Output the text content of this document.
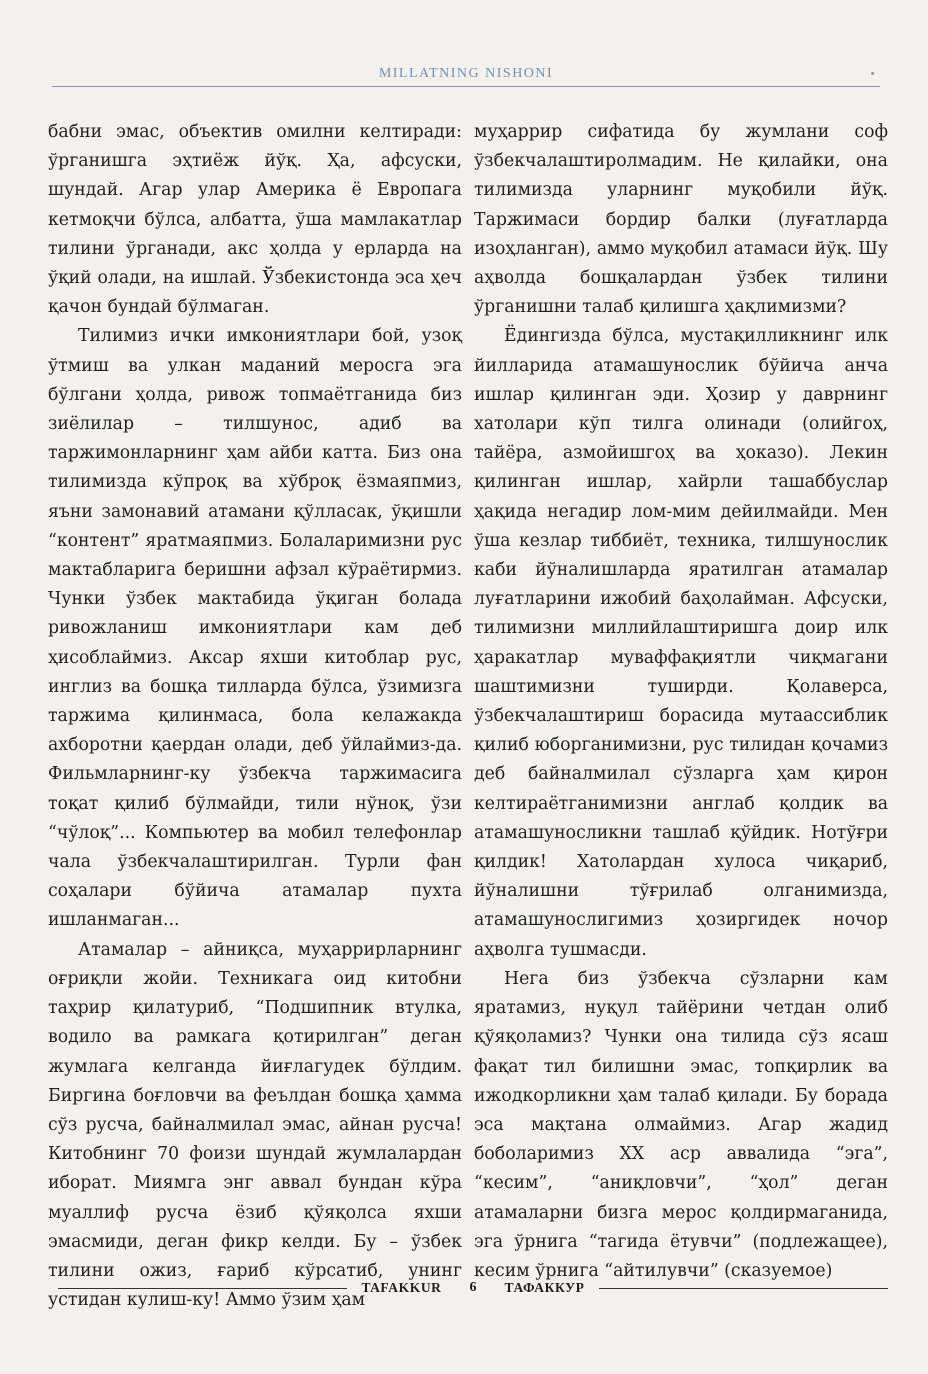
MILLATNING NISHONI

бабни эмас, объектив омилни келтиради: ўрганишга эҳтиёж йўқ. Ҳа, афсуски, шундай. Агар улар Америка ё Европага кетмоқчи бўлса, албатта, ўша мамлакатлар тилини ўрганади, акс ҳолда у ерларда на ўқий олади, на ишлай. Ўзбекистонда эса ҳеч қачон бундай бўлмаган.

Тилимиз ички имкониятлари бой, узоқ ўтмиш ва улкан маданий меросга эга бўлгани ҳолда, ривож топмаётганида биз зиёлилар – тилшунос, адиб ва таржимонларнинг ҳам айби катта. Биз она тилимизда кўпроқ ва хўброқ ёзмаяпмиз, яъни замонавий атамани қўлласак, ўқишли “контент” яратмаяпмиз. Болаларимизни рус мактабларига беришни афзал кўраётирмиз. Чунки ўзбек мактабида ўқиган болада ривожланиш имкониятлари кам деб ҳисоблаймиз. Аксар яхши китоблар рус, инглиз ва бошқа тилларда бўлса, ўзимизга таржима қилинмаса, бола келажакда ахборотни қаердан олади, деб ўйлаймиз-да. Фильмларнинг-ку ўзбекча таржимасига тоқат қилиб бўлмайди, тили нўноқ, ўзи “чўлоқ”... Компьютер ва мобил телефонлар чала ўзбекчалаштирилган. Турли фан соҳалари бўйича атамалар пухта ишланмаган...

Атамалар – айниқса, муҳаррирларнинг оғриқли жойи. Техникага оид китобни таҳрир қилатуриб, “Подшипник втулка, водило ва рамкага қотирилган” деган жумлага келганда йиғлагудек бўлдим. Биргина боғловчи ва феълдан бошқа ҳамма сўз русча, байналмилал эмас, айнан русча! Китобнинг 70 фоизи шундай жумлалардан иборат. Миямга энг аввал бундан кўра муаллиф русча ёзиб қўяқолса яхши эмасмиди, деган фикр келди. Бу – ўзбек тилини ожиз, ғариб кўрсатиб, унинг устидан кулиш-ку! Аммо ўзим ҳам

муҳаррир сифатида бу жумлани соф ўзбекчалаштиролмадим. Не қилайки, она тилимизда уларнинг муқобили йўқ. Таржимаси бордир балки (луғатларда изоҳланган), аммо муқобил атамаси йўқ. Шу аҳволда бошқалардан ўзбек тилини ўрганишни талаб қилишга ҳақлимизми?

Ёдингизда бўлса, мустақилликнинг илк йилларида атамашунослик бўйича анча ишлар қилинган эди. Ҳозир у даврнинг хатолари кўп тилга олинади (олийгоҳ, тайёра, азмойишгоҳ ва ҳоказо). Лекин қилинган ишлар, хайрли ташаббуслар ҳақида негадир лом-мим дейилмайди. Мен ўша кезлар тиббиёт, техника, тилшунослик каби йўналишларда яратилган атамалар луғатларини ижобий баҳолайман. Афсуски, тилимизни миллийлаштиришга доир илк ҳаракатлар муваффақиятли чиқмагани шаштимизни туширди. Қолаверса, ўзбекчалаштириш борасида мутаассиблик қилиб юборганимизни, рус тилидан қочамиз деб байналмилал сўзларга ҳам қирон келтираётганимизни англаб қолдик ва атамашуносликни ташлаб қўйдик. Нотўғри қилдик! Хатолардан хулоса чиқариб, йўналишни тўғрилаб олганимизда, атамашунослигимиз ҳозиргидек ночор аҳволга тушмасди.

Нега биз ўзбекча сўзларни кам яратамиз, нуқул тайёрини четдан олиб қўяқоламиз? Чунки она тилида сўз ясаш фақат тил билишни эмас, топқирлик ва ижодкорликни ҳам талаб қилади. Бу борада эса мақтана олмаймиз. Агар жадид боболаримиз XX аср аввалида “эга”, “кесим”, “аниқловчи”, “ҳол” деган атамаларни бизга мерос қолдирмаганида, эга ўрнига “тагида ётувчи” (подлежащее), кесим ўрнига “айтилувчи” (сказуемое)

TAFAKKUR	6	ТАФАККУР
